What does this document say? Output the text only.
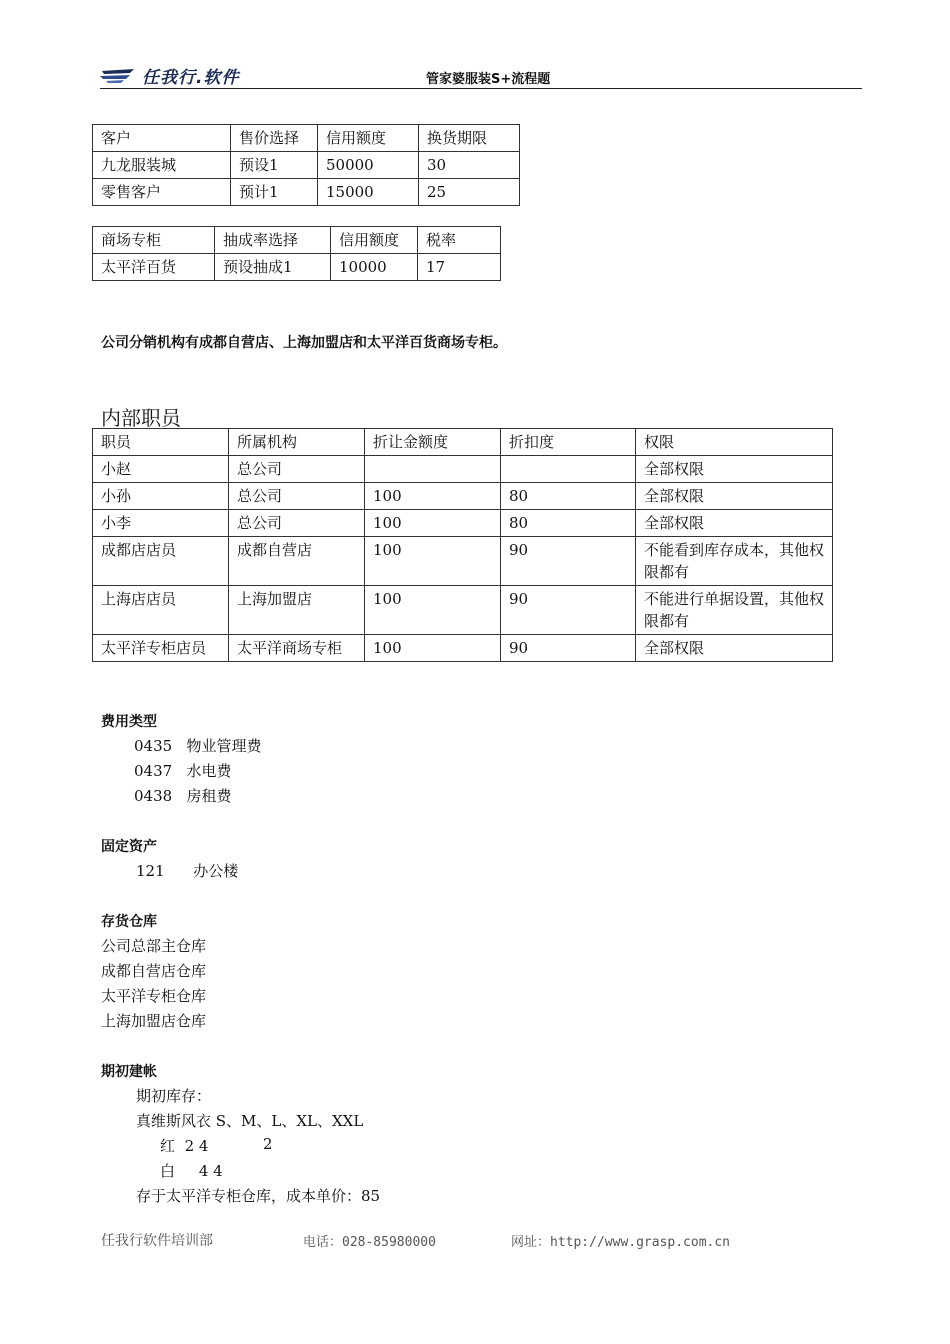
任我行.软件	管家婆服装S+流程题
客户	售价选择	信用额度	换货期限
九龙服装城	预设1	50000	30
零售客户	预计1	15000	25
商场专柜	抽成率选择	信用额度	税率
太平洋百货	预设抽成1	10000	17
公司分销机构有成都自营店、上海加盟店和太平洋百货商场专柜。
内部职员
职员	所属机构	折让金额度	折扣度	权限
小赵	总公司			全部权限
小孙	总公司	100	80	全部权限
小李	总公司	100	80	全部权限
成都店店员	成都自营店	100	90	不能看到库存成本，其他权限都有
上海店店员	上海加盟店	100	90	不能进行单据设置，其他权限都有
太平洋专柜店员	太平洋商场专柜	100	90	全部权限
费用类型
0435 物业管理费
0437 水电费
0438 房租费
固定资产
121 办公楼
存货仓库
公司总部主仓库
成都自营店仓库
太平洋专柜仓库
上海加盟店仓库
期初建帐
期初库存：
真维斯风衣 S、M、L、XL、XXL
红 2 4	2
白 4 4
存于太平洋专柜仓库，成本单价：85
任我行软件培训部	电话：028-85980000	网址：http://www.grasp.com.cn
